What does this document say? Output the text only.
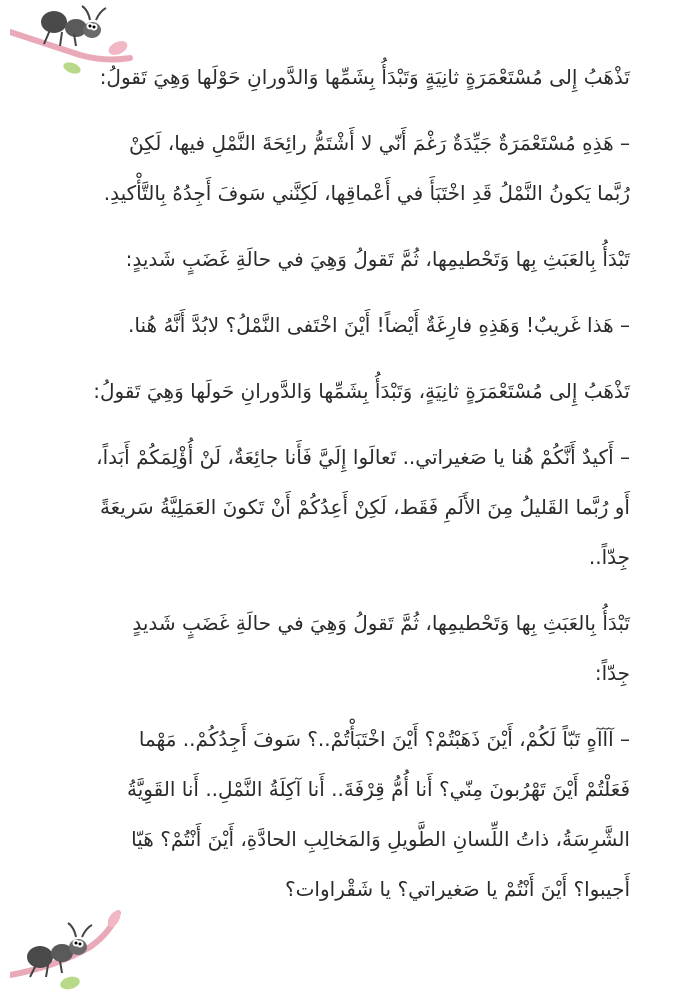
تَذْهَبُ إِلى مُسْتَعْمَرَةٍ ثانِيَةٍ وَتَبْدَأُ بِشَمِّها وَالدَّورانِ حَوْلَها وَهِيَ تَقولُ:

– هَذِهِ مُسْتَعْمَرَةٌ جَيِّدَةٌ رَغْمَ أَنّي لا أَشْتَمُّ رائِحَةَ النَّمْلِ فيها، لَكِنْ رُبَّما يَكونُ النَّمْلُ قَدِ اخْتَبَأَ في أَعْماقِها، لَكِنَّني سَوفَ أَجِدُهُ بِالتَّأْكيدِ.

تَبْدَأُ بِالعَبَثِ بِها وَتَحْطيمِها، ثُمَّ تَقولُ وَهِيَ في حالَةِ غَضَبٍ شَديدٍ:

– هَذا غَريبٌ! وَهَذِهِ فارِغَةٌ أَيْضاً! أَيْنَ اخْتَفى النَّمْلُ؟ لابُدَّ أَنَّهُ هُنا.

تَذْهَبُ إِلى مُسْتَعْمَرَةٍ ثانِيَةٍ، وَتَبْدَأُ بِشَمِّها وَالدَّورانِ حَولَها وَهِيَ تَقولُ:

– أَكيدٌ أَنَّكُمْ هُنا يا صَغيراتي.. تَعالَوا إِلَيَّ فَأَنا جائِعَةٌ، لَنْ أُؤْلِمَكُمْ أَبَداً، أَو رُبَّما القَليلُ مِنَ الأَلَمِ فَقَط، لَكِنْ أَعِدُكُمْ أَنْ تَكونَ العَمَلِيَّةُ سَريعَةً جِدّاً..

تَبْدَأُ بِالعَبَثِ بِها وَتَحْطيمِها، ثُمَّ تَقولُ وَهِيَ في حالَةِ غَضَبٍ شَديدٍ جِدّاً:

– آآآهٍ تَبّاً لَكُمْ، أَيْنَ ذَهَبْتُمْ؟ أَيْنَ اخْتَبَأْتُمْ..؟ سَوفَ أَجِدُكُمْ.. مَهْما فَعَلْتُمْ أَيْنَ تَهْرُبونَ مِنّي؟ أَنا أُمُّ قِرْفَةَ.. أَنا آكِلَةُ النَّمْلِ.. أَنا القَوِيَّةُ الشَّرِسَةُ، ذاتُ اللِّسانِ الطَّويلِ وَالمَخالِبِ الحادَّةِ، أَيْنَ أَنْتُمْ؟ هَيّا أَجيبوا؟ أَيْنَ أَنْتُمْ يا صَغيراتي؟ يا شَقْراوات؟
